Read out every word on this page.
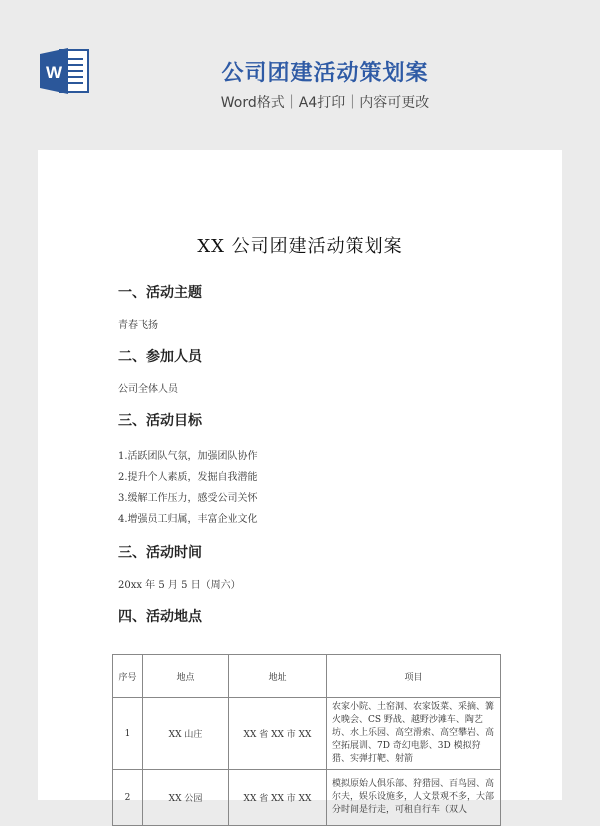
W	公司团建活动策划案
Word格式｜A4打印｜内容可更改
XX 公司团建活动策划案
一、活动主题
青春飞扬
二、参加人员
公司全体人员
三、活动目标
1.活跃团队气氛，加强团队协作
2.提升个人素质，发掘自我潜能
3.缓解工作压力，感受公司关怀
4.增强员工归属，丰富企业文化
三、活动时间
20xx 年 5 月 5 日（周六）
四、活动地点
序号	地点	地址	项目
1	XX 山庄	XX 省 XX 市 XX	农家小院、土窑洞、农家饭菜、采摘、篝火晚会、CS 野战、越野沙滩车、陶艺坊、水上乐园、高空滑索、高空攀岩、高空拓展训、7D 奇幻电影、3D 模拟狩猎、实弹打靶、射箭
2	XX 公园	XX 省 XX 市 XX	模拟原始人俱乐部、狩猎园、百鸟园、高尔夫，娱乐设施多，人文景观不多，大部分时间是行走，可租自行车（双人
